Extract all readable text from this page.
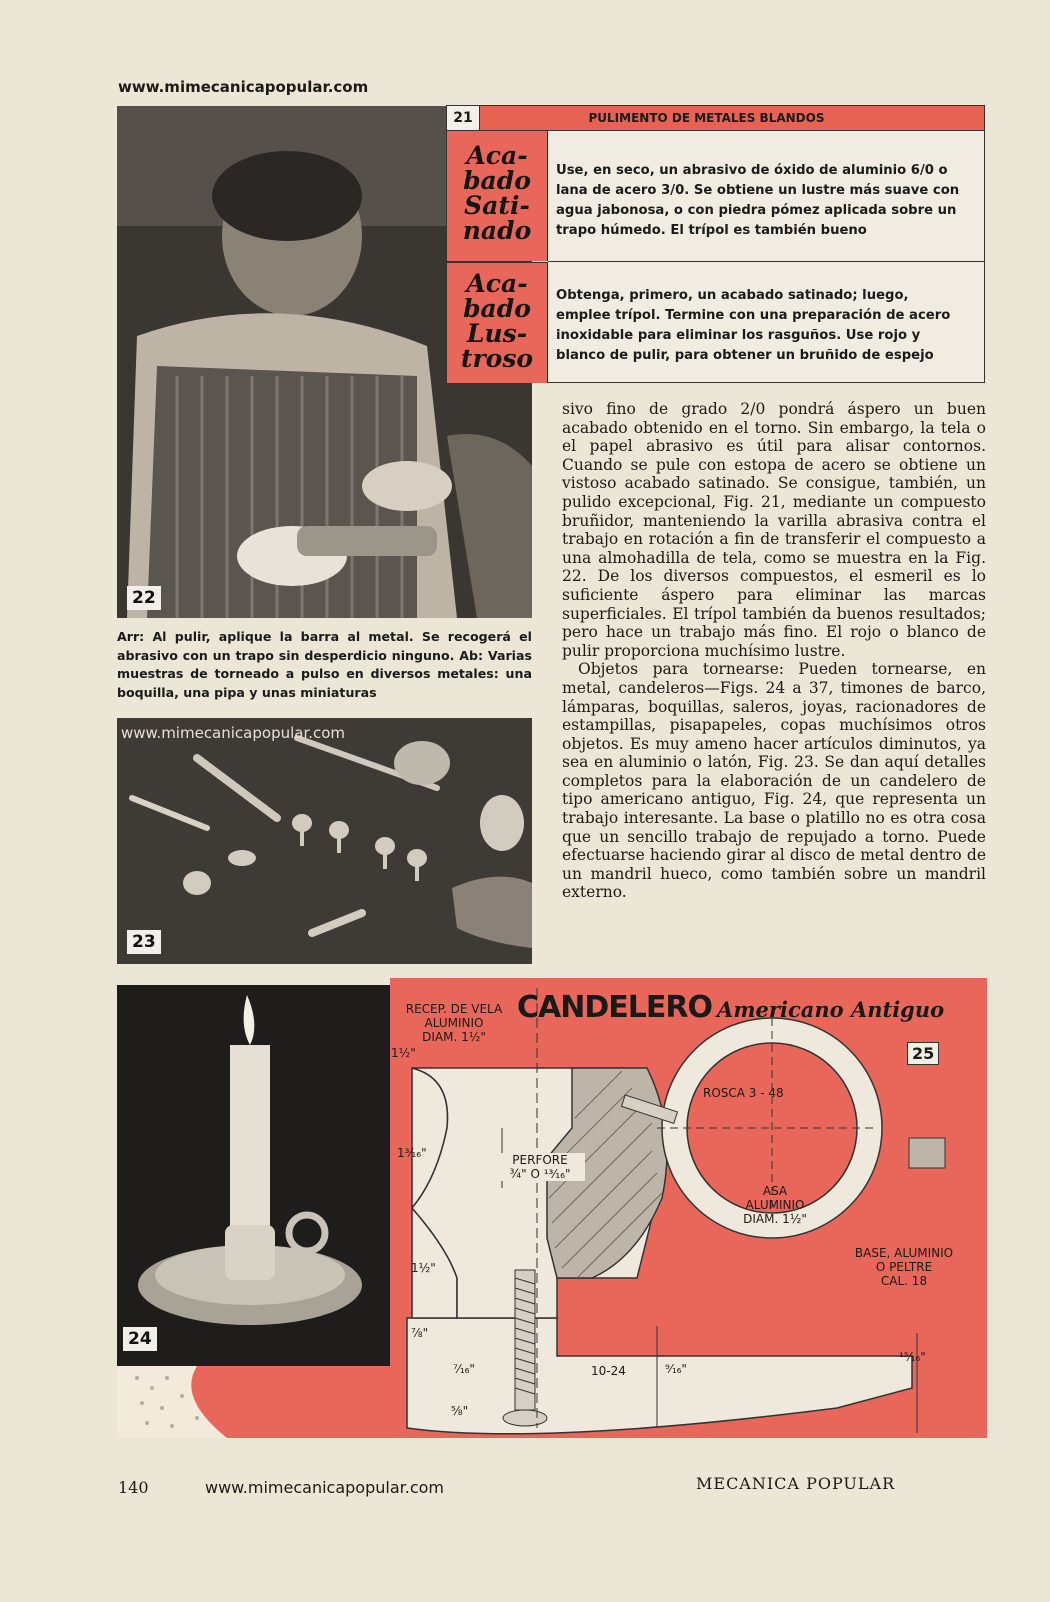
www.mimecanicapopular.com
22
21	PULIMENTO DE METALES BLANDOS
Aca-
bado
Sati-
nado
Use, en seco, un abrasivo de óxido de aluminio 6/0 o lana de acero 3/0. Se obtiene un lustre más suave con agua jabonosa, o con piedra pómez aplicada sobre un trapo húmedo. El trípol es también bueno
Aca-
bado
Lus-
troso
Obtenga, primero, un acabado satinado; luego, emplee trípol. Termine con una preparación de acero inoxidable para eliminar los rasguños. Use rojo y blanco de pulir, para obtener un bruñido de espejo
Arr: Al pulir, aplique la barra al metal. Se recogerá el abrasivo con un trapo sin desperdicio ninguno. Ab: Varias muestras de torneado a pulso en diversos metales: una boquilla, una pipa y unas miniaturas
www.mimecanicapopular.com
23

sivo fino de grado 2/0 pondrá áspero un buen acabado obtenido en el torno. Sin embargo, la tela o el papel abrasivo es útil para alisar contornos. Cuando se pule con estopa de acero se obtiene un vistoso acabado satinado. Se consigue, también, un pulido excepcional, Fig. 21, mediante un compuesto bruñidor, manteniendo la varilla abrasiva contra el trabajo en rotación a fin de transferir el compuesto a una almohadilla de tela, como se muestra en la Fig. 22. De los diversos compuestos, el esmeril es lo suficiente áspero para eliminar las marcas superficiales. El trípol también da buenos resultados; pero hace un trabajo más fino. El rojo o blanco de pulir proporciona muchísimo lustre.

Objetos para tornearse: Pueden tornearse, en metal, candeleros—Figs. 24 a 37, timones de barco, lámparas, boquillas, saleros, joyas, racionadores de estampillas, pisapapeles, copas muchísimos otros objetos. Es muy ameno hacer artículos diminutos, ya sea en aluminio o latón, Fig. 23. Se dan aquí detalles completos para la elaboración de un candelero de tipo americano antiguo, Fig. 24, que representa un trabajo interesante. La base o platillo no es otra cosa que un sencillo trabajo de repujado a torno. Puede efectuarse haciendo girar al disco de metal dentro de un mandril hueco, como también sobre un mandril externo.

24
CANDELERO Americano Antiguo
25
RECEP. DE VELA
ALUMINIO
DIAM. 1½"
1½"
1³⁄₁₆"	PERFORE
¾" O ¹³⁄₁₆"
ROSCA 3 - 48
ASA
ALUMINIO
DIAM. 1½"
1½"
BASE, ALUMINIO
O PELTRE
CAL. 18
⅞"
⁷⁄₁₆"	10-24	⁹⁄₁₆"
⅝"
¹⁵⁄₁₆"
140	www.mimecanicapopular.com	MECANICA POPULAR
